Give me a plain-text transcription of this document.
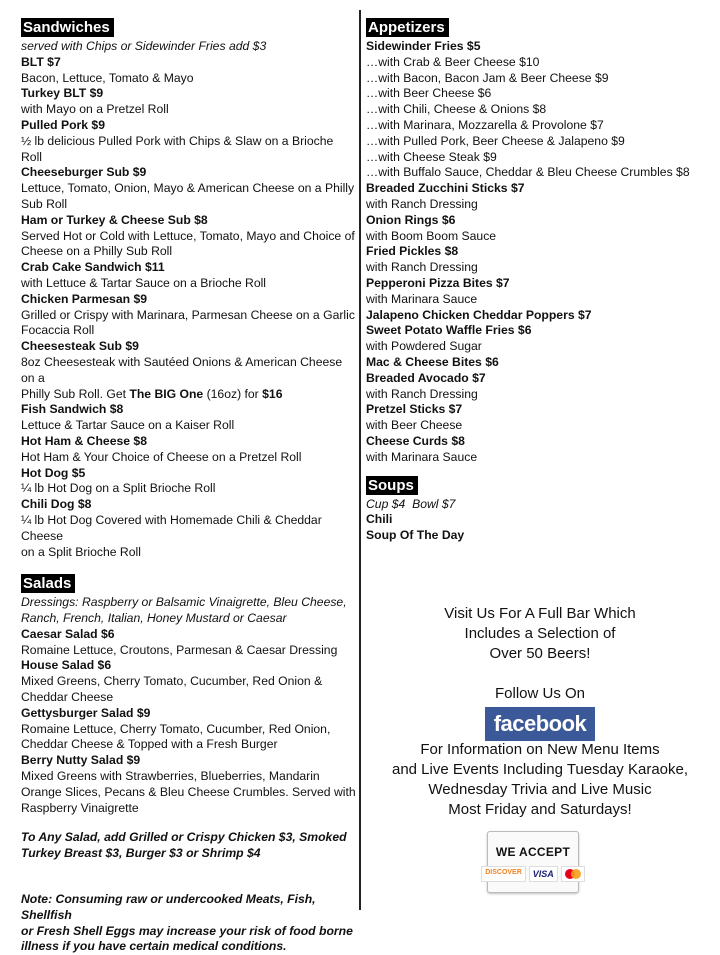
Sandwiches
served with Chips or Sidewinder Fries add $3
BLT $7
Bacon, Lettuce, Tomato & Mayo
Turkey BLT $9
with Mayo on a Pretzel Roll
Pulled Pork $9
½ lb delicious Pulled Pork with Chips & Slaw on a Brioche Roll
Cheeseburger Sub $9
Lettuce, Tomato, Onion, Mayo & American Cheese on a Philly
Sub Roll
Ham or Turkey & Cheese Sub $8
Served Hot or Cold with Lettuce, Tomato, Mayo and Choice of
Cheese on a Philly Sub Roll
Crab Cake Sandwich $11
with Lettuce & Tartar Sauce on a Brioche Roll
Chicken Parmesan $9
Grilled or Crispy with Marinara, Parmesan Cheese on a Garlic
Focaccia Roll
Cheesesteak Sub $9
8oz Cheesesteak with Sautéed Onions & American Cheese on a
Philly Sub Roll. Get The BIG One (16oz) for $16
Fish Sandwich $8
Lettuce & Tartar Sauce on a Kaiser Roll
Hot Ham & Cheese $8
Hot Ham & Your Choice of Cheese on a Pretzel Roll
Hot Dog $5
¼ lb Hot Dog on a Split Brioche Roll
Chili Dog $8
¼ lb Hot Dog Covered with Homemade Chili & Cheddar Cheese
on a Split Brioche Roll
Salads
Dressings: Raspberry or Balsamic Vinaigrette, Bleu Cheese,
Ranch, French, Italian, Honey Mustard or Caesar
Caesar Salad $6
Romaine Lettuce, Croutons, Parmesan & Caesar Dressing
House Salad $6
Mixed Greens, Cherry Tomato, Cucumber, Red Onion &
Cheddar Cheese
Gettysburger Salad $9
Romaine Lettuce, Cherry Tomato, Cucumber, Red Onion,
Cheddar Cheese & Topped with a Fresh Burger
Berry Nutty Salad $9
Mixed Greens with Strawberries, Blueberries, Mandarin
Orange Slices, Pecans & Bleu Cheese Crumbles. Served with
Raspberry Vinaigrette
To Any Salad, add Grilled or Crispy Chicken $3, Smoked
Turkey Breast $3, Burger $3 or Shrimp $4
Note: Consuming raw or undercooked Meats, Fish, Shellfish
or Fresh Shell Eggs may increase your risk of food borne
illness if you have certain medical conditions.
Appetizers
Sidewinder Fries $5
…with Crab & Beer Cheese $10
…with Bacon, Bacon Jam & Beer Cheese $9
…with Beer Cheese $6
…with Chili, Cheese & Onions $8
…with Marinara, Mozzarella & Provolone $7
…with Pulled Pork, Beer Cheese & Jalapeno $9
…with Cheese Steak $9
…with Buffalo Sauce, Cheddar & Bleu Cheese Crumbles $8
Breaded Zucchini Sticks $7
with Ranch Dressing
Onion Rings $6
with Boom Boom Sauce
Fried Pickles $8
with Ranch Dressing
Pepperoni Pizza Bites $7
with Marinara Sauce
Jalapeno Chicken Cheddar Poppers $7
Sweet Potato Waffle Fries $6
with Powdered Sugar
Mac & Cheese Bites $6
Breaded Avocado $7
with Ranch Dressing
Pretzel Sticks $7
with Beer Cheese
Cheese Curds $8
with Marinara Sauce
Soups
Cup $4  Bowl $7
Chili
Soup Of The Day
Visit Us For A Full Bar Which
Includes a Selection of
Over 50 Beers!
Follow Us On
facebook
For Information on New Menu Items
and Live Events Including Tuesday Karaoke,
Wednesday Trivia and Live Music
Most Friday and Saturdays!
WE ACCEPT
DISCOVER	VISA
